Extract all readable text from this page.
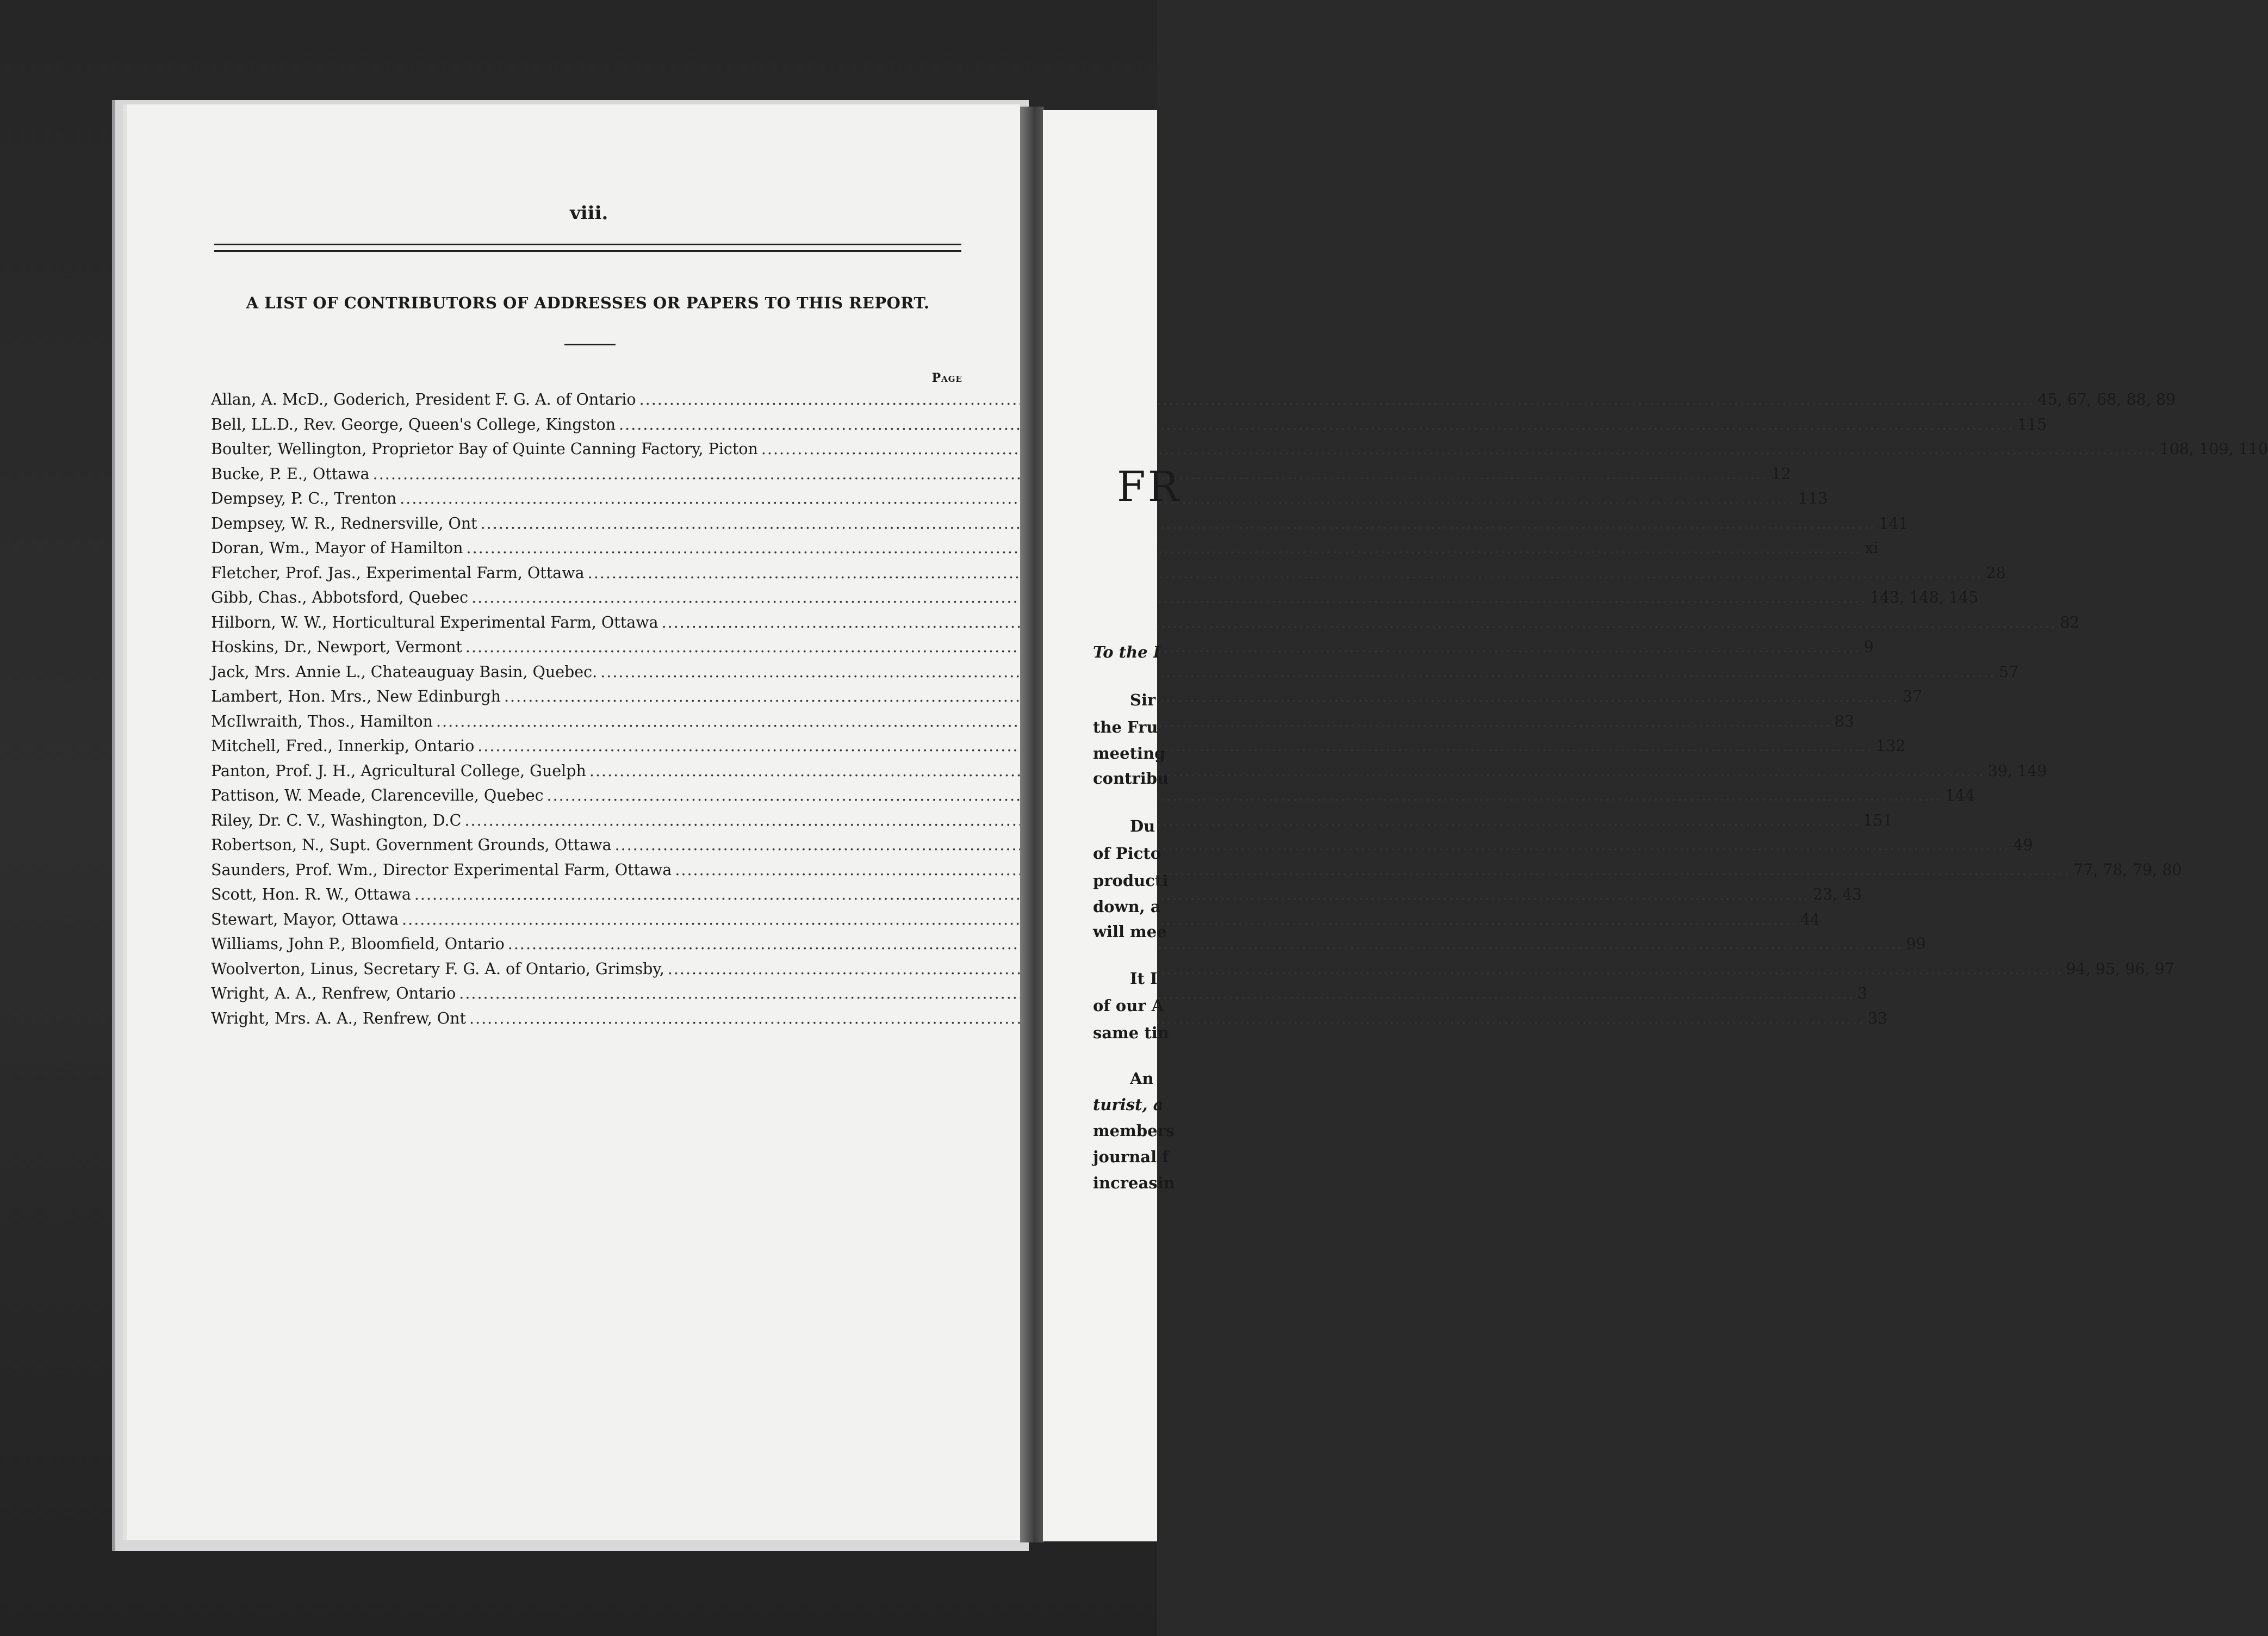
viii.
A LIST OF CONTRIBUTORS OF ADDRESSES OR PAPERS TO THIS REPORT.
Page
Allan, A. McD., Goderich, President F. G. A. of Ontario .....	45, 67, 68, 88, 89
Bell, LL.D., Rev. George, Queen's College, Kingston .....	115
Boulter, Wellington, Proprietor Bay of Quinte Canning Factory, Picton .....	108, 109, 110
Bucke, P. E., Ottawa .....	12
Dempsey, P. C., Trenton .....	113
Dempsey, W. R., Rednersville, Ont .....	141
Doran, Wm., Mayor of Hamilton .....	xi
Fletcher, Prof. Jas., Experimental Farm, Ottawa .....	28
Gibb, Chas., Abbotsford, Quebec .....	143, 148, 145
Hilborn, W. W., Horticultural Experimental Farm, Ottawa .....	82
Hoskins, Dr., Newport, Vermont .....	9
Jack, Mrs. Annie L., Chateauguay Basin, Quebec. .....	57
Lambert, Hon. Mrs., New Edinburgh .....	37
McIlwraith, Thos., Hamilton .....	83
Mitchell, Fred., Innerkip, Ontario .....	132
Panton, Prof. J. H., Agricultural College, Guelph .....	39, 149
Pattison, W. Meade, Clarenceville, Quebec .....	144
Riley, Dr. C. V., Washington, D.C .....	151
Robertson, N., Supt. Government Grounds, Ottawa .....	49
Saunders, Prof. Wm., Director Experimental Farm, Ottawa .....	77, 78, 79, 80
Scott, Hon. R. W., Ottawa .....	23, 43
Stewart, Mayor, Ottawa .....	44
Williams, John P., Bloomfield, Ontario .....	99
Woolverton, Linus, Secretary F. G. A. of Ontario, Grimsby, .....	94, 95, 96, 97
Wright, A. A., Renfrew, Ontario .....	3
Wright, Mrs. A. A., Renfrew, Ont .....	33
FR
To the I
Sir
the Fru
meeting
contribu
Du
of Picto
producti
down, a
will mee
It I
of our A
same tin
An
turist, a
members
journal f
increasin
